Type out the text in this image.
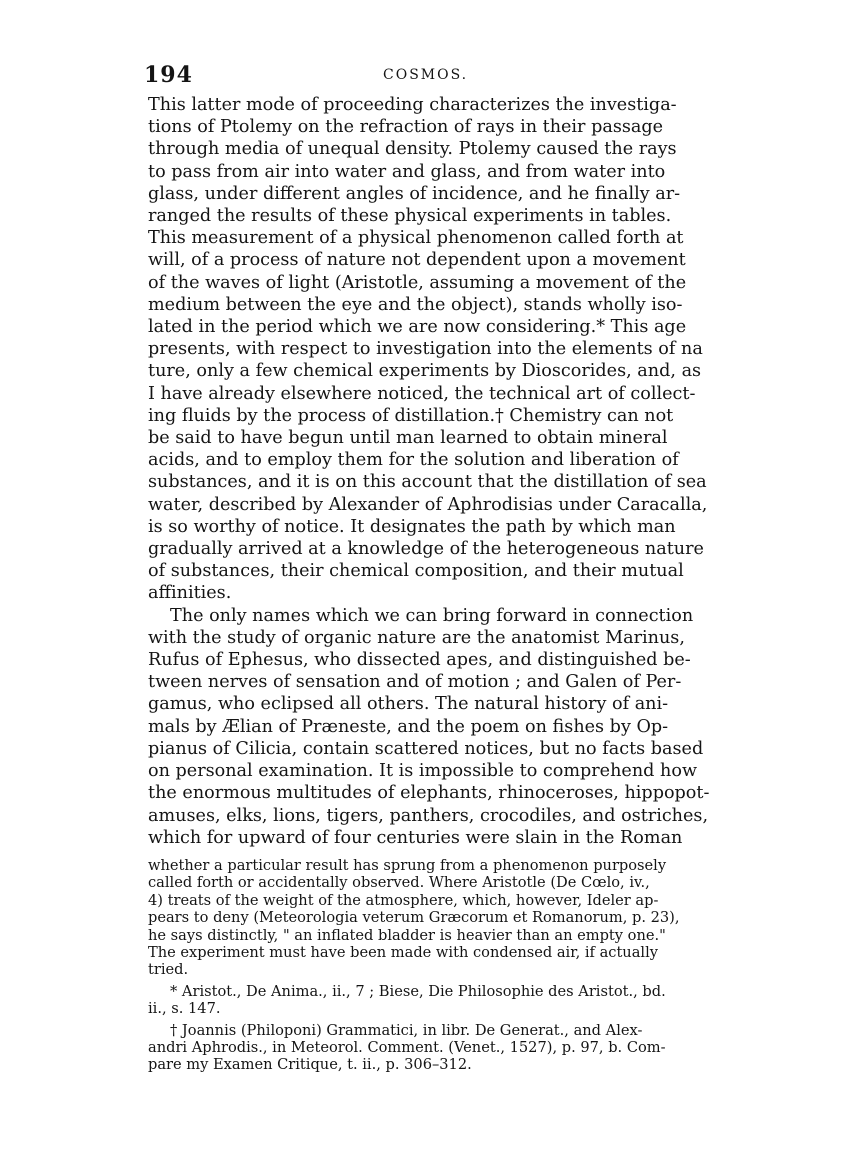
194	COSMOS.
This latter mode of proceeding characterizes the investiga-
tions of Ptolemy on the refraction of rays in their passage
through media of unequal density. Ptolemy caused the rays
to pass from air into water and glass, and from water into
glass, under different angles of incidence, and he finally ar-
ranged the results of these physical experiments in tables.
This measurement of a physical phenomenon called forth at
will, of a process of nature not dependent upon a movement
of the waves of light (Aristotle, assuming a movement of the
medium between the eye and the object), stands wholly iso-
lated in the period which we are now considering.* This age
presents, with respect to investigation into the elements of na
ture, only a few chemical experiments by Dioscorides, and, as
I have already elsewhere noticed, the technical art of collect-
ing fluids by the process of distillation.† Chemistry can not
be said to have begun until man learned to obtain mineral
acids, and to employ them for the solution and liberation of
substances, and it is on this account that the distillation of sea
water, described by Alexander of Aphrodisias under Caracalla,
is so worthy of notice. It designates the path by which man
gradually arrived at a knowledge of the heterogeneous nature
of substances, their chemical composition, and their mutual
affinities.
The only names which we can bring forward in connection
with the study of organic nature are the anatomist Marinus,
Rufus of Ephesus, who dissected apes, and distinguished be-
tween nerves of sensation and of motion ; and Galen of Per-
gamus, who eclipsed all others. The natural history of ani-
mals by Ælian of Præneste, and the poem on fishes by Op-
pianus of Cilicia, contain scattered notices, but no facts based
on personal examination. It is impossible to comprehend how
the enormous multitudes of elephants, rhinoceroses, hippopot-
amuses, elks, lions, tigers, panthers, crocodiles, and ostriches,
which for upward of four centuries were slain in the Roman
whether a particular result has sprung from a phenomenon purposely
called forth or accidentally observed. Where Aristotle (De Cœlo, iv.,
4) treats of the weight of the atmosphere, which, however, Ideler ap-
pears to deny (Meteorologia veterum Græcorum et Romanorum, p. 23),
he says distinctly, " an inflated bladder is heavier than an empty one."
The experiment must have been made with condensed air, if actually
tried.
* Aristot., De Anima., ii., 7 ; Biese, Die Philosophie des Aristot., bd.
ii., s. 147.
† Joannis (Philoponi) Grammatici, in libr. De Generat., and Alex-
andri Aphrodis., in Meteorol. Comment. (Venet., 1527), p. 97, b. Com-
pare my Examen Critique, t. ii., p. 306–312.
